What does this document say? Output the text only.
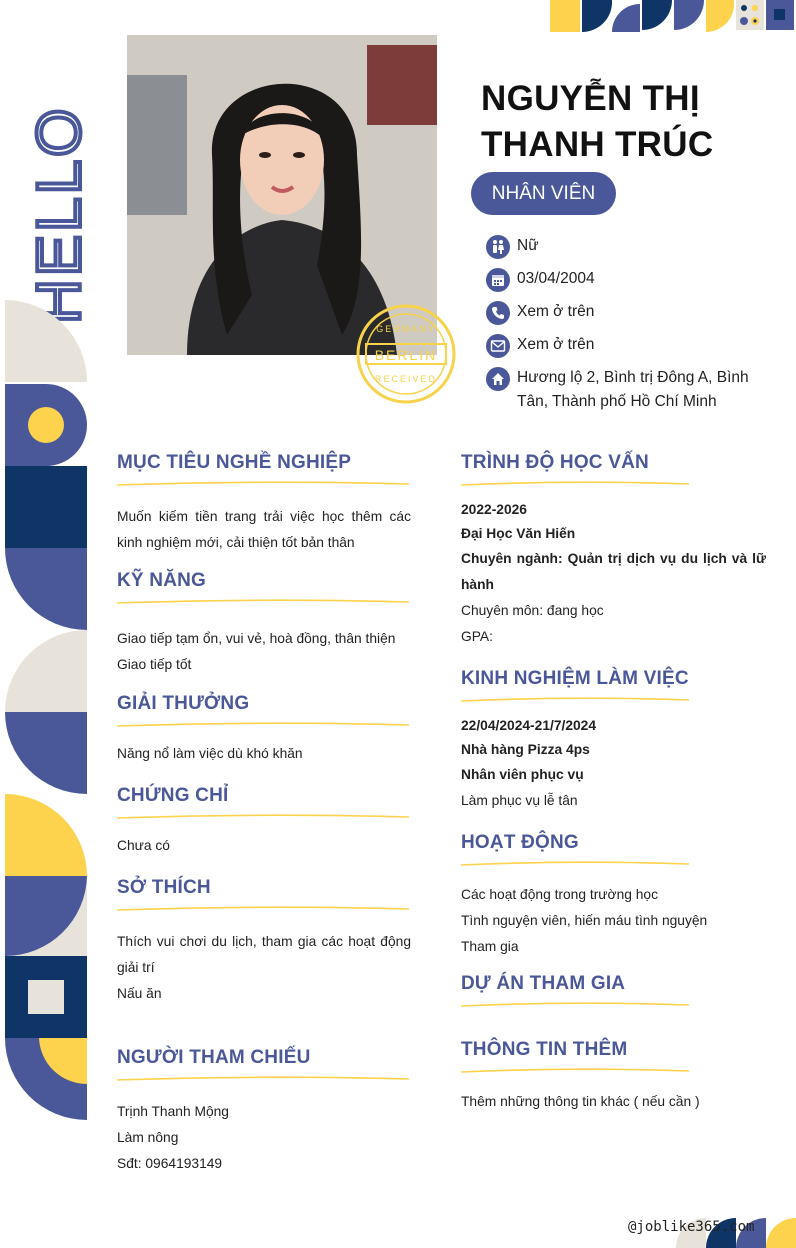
HELLO
BERLIN
GERMANY
RECEIVED
NGUYỄN THỊ
THANH TRÚC
NHÂN VIÊN
Nữ
03/04/2004
Xem ở trên
Xem ở trên
Hương lộ 2, Bình trị Đông A, Bình Tân, Thành phố Hồ Chí Minh
MỤC TIÊU NGHỀ NGHIỆP
Muốn kiếm tiền trang trải việc học thêm các kinh nghiệm mới, cải thiện tốt bản thân
KỸ NĂNG
Giao tiếp tạm ổn, vui vẻ, hoà đồng, thân thiện
Giao tiếp tốt
GIẢI THƯỞNG
Năng nổ làm việc dù khó khăn
CHỨNG CHỈ
Chưa có
SỞ THÍCH
Thích vui chơi du lịch, tham gia các hoạt động giải trí
Nấu ăn
NGƯỜI THAM CHIẾU
Trịnh Thanh Mộng
Làm nông
Sđt: 0964193149
TRÌNH ĐỘ HỌC VẤN
2022-2026
Đại Học Văn Hiến
Chuyên ngành: Quản trị dịch vụ du lịch và lữ hành
Chuyên môn: đang học
GPA:
KINH NGHIỆM LÀM VIỆC
22/04/2024-21/7/2024
Nhà hàng Pizza 4ps
Nhân viên phục vụ
Làm phục vụ lễ tân
HOẠT ĐỘNG
Các hoạt động trong trường học
Tình nguyện viên, hiến máu tình nguyện
Tham gia
DỰ ÁN THAM GIA
THÔNG TIN THÊM
Thêm những thông tin khác ( nếu cần )
@joblike365.com
